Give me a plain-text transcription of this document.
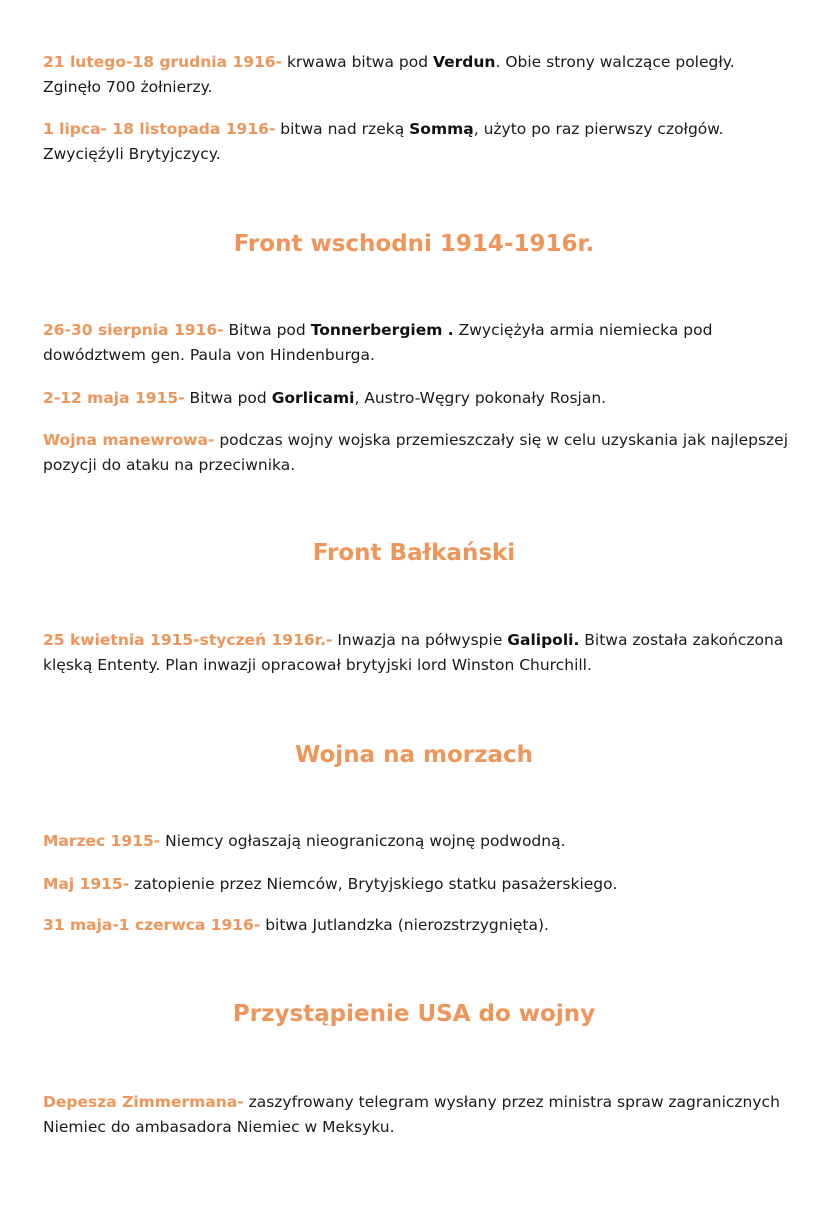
21 lutego-18 grudnia 1916- krwawa bitwa pod Verdun. Obie strony walczące poległy. Zginęło 700 żołnierzy.

1 lipca- 18 listopada 1916- bitwa nad rzeką Sommą, użyto po raz pierwszy czołgów. Zwycięźyli Brytyjczycy.

Front wschodni 1914-1916r.

26-30 sierpnia 1916- Bitwa pod Tonnerbergiem . Zwyciężyła armia niemiecka pod dowództwem gen. Paula von Hindenburga.

2-12 maja 1915- Bitwa pod Gorlicami, Austro-Węgry pokonały Rosjan.

Wojna manewrowa- podczas wojny wojska przemieszczały się w celu uzyskania jak najlepszej pozycji do ataku na przeciwnika.

Front Bałkański

25 kwietnia 1915-styczeń 1916r.- Inwazja na półwyspie Galipoli. Bitwa została zakończona klęską Ententy. Plan inwazji opracował brytyjski lord Winston Churchill.

Wojna na morzach

Marzec 1915- Niemcy ogłaszają nieograniczoną wojnę podwodną.

Maj 1915- zatopienie przez Niemców, Brytyjskiego statku pasażerskiego.

31 maja-1 czerwca 1916- bitwa Jutlandzka (nierozstrzygnięta).

Przystąpienie USA do wojny

Depesza Zimmermana- zaszyfrowany telegram wysłany przez ministra spraw zagranicznych Niemiec do ambasadora Niemiec w Meksyku.
